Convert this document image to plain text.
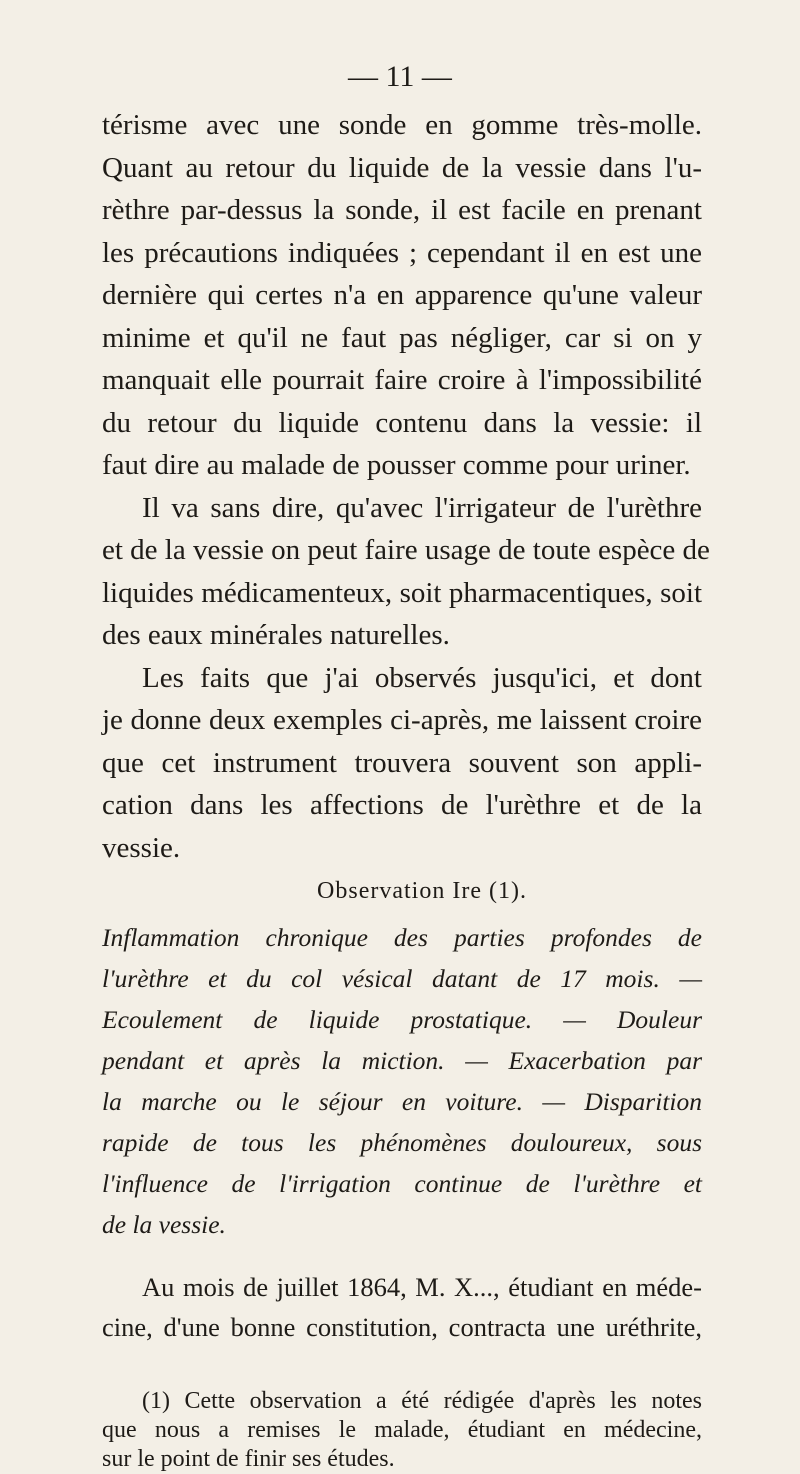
— 11 —
térisme avec une sonde en gomme très-molle.
Quant au retour du liquide de la vessie dans l'u-
rèthre par-dessus la sonde, il est facile en prenant
les précautions indiquées ; cependant il en est une
dernière qui certes n'a en apparence qu'une valeur
minime et qu'il ne faut pas négliger, car si on y
manquait elle pourrait faire croire à l'impossibilité
du retour du liquide contenu dans la vessie: il
faut dire au malade de pousser comme pour uriner.
Il va sans dire, qu'avec l'irrigateur de l'urèthre
et de la vessie on peut faire usage de toute espèce de
liquides médicamenteux, soit pharmacentiques, soit
des eaux minérales naturelles.
Les faits que j'ai observés jusqu'ici, et dont
je donne deux exemples ci-après, me laissent croire
que cet instrument trouvera souvent son appli-
cation dans les affections de l'urèthre et de la
vessie.
Observation Ire (1).
Inflammation chronique des parties profondes de
l'urèthre et du col vésical datant de 17 mois. —
Ecoulement de liquide prostatique. — Douleur
pendant et après la miction. — Exacerbation par
la marche ou le séjour en voiture. — Disparition
rapide de tous les phénomènes douloureux, sous
l'influence de l'irrigation continue de l'urèthre et
de la vessie.
Au mois de juillet 1864, M. X..., étudiant en méde-
cine, d'une bonne constitution, contracta une uréthrite,
(1) Cette observation a été rédigée d'après les notes
que nous a remises le malade, étudiant en médecine,
sur le point de finir ses études.
